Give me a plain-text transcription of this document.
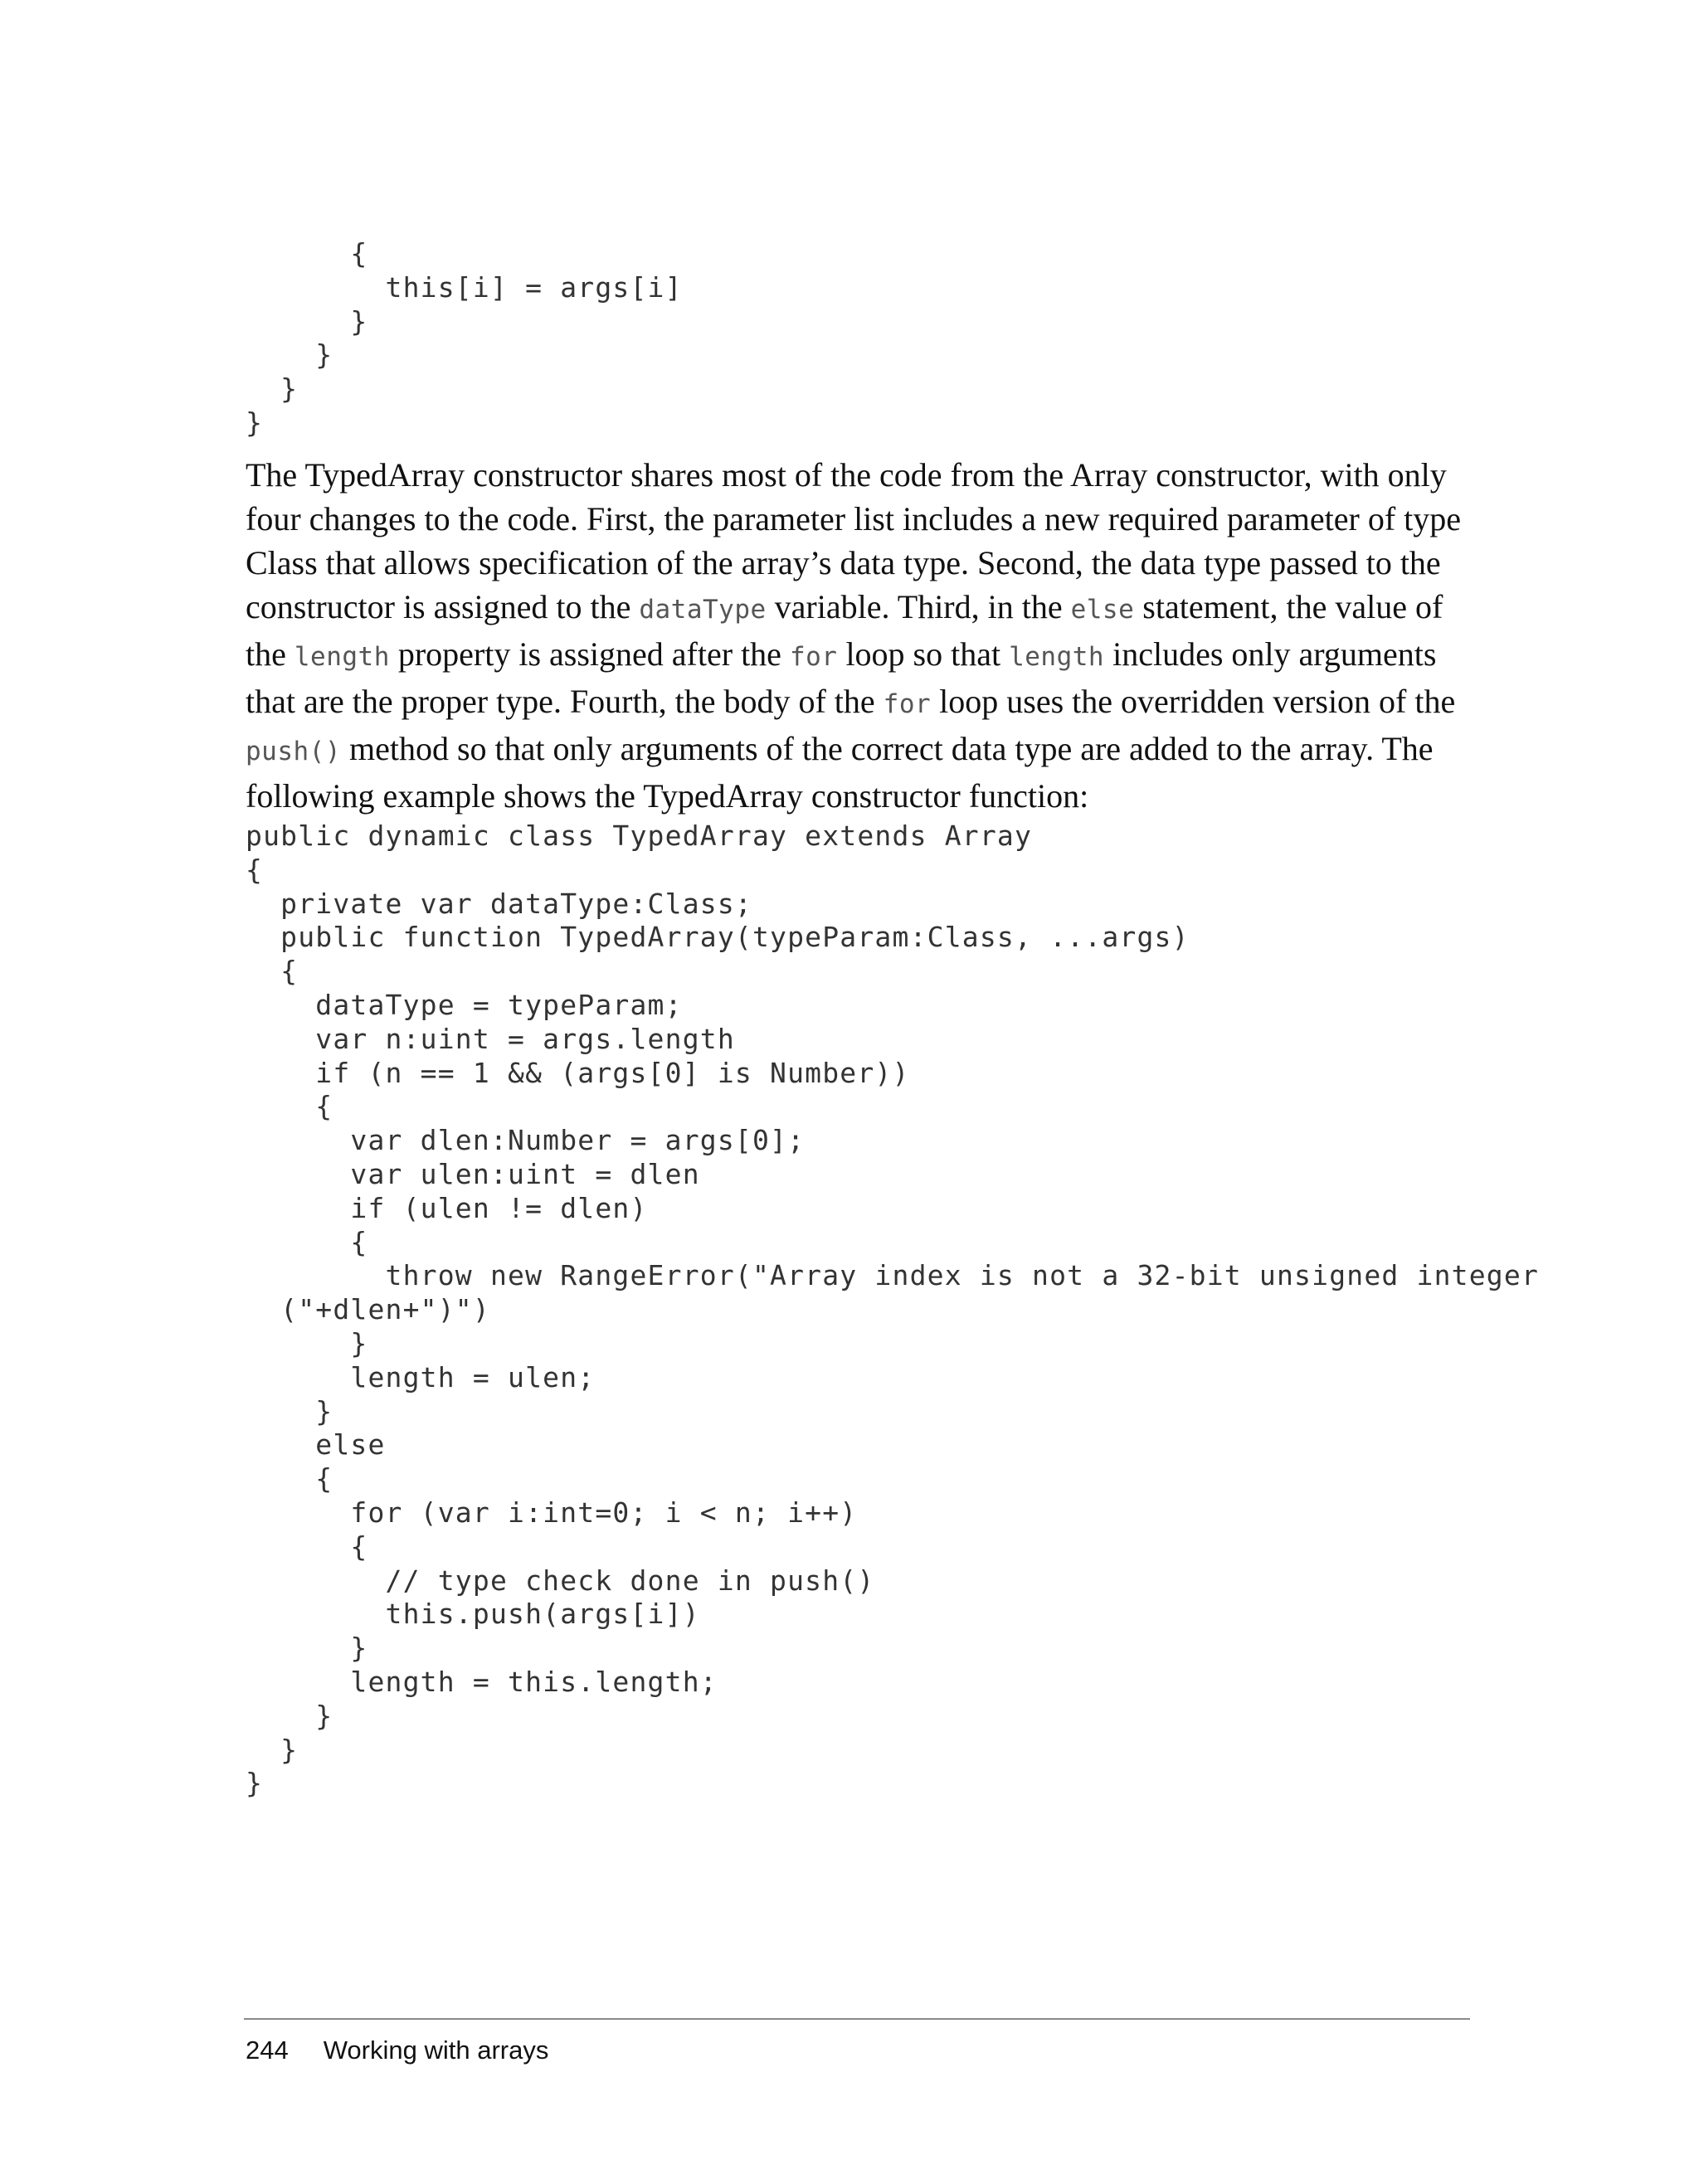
{
this[i] = args[i]
}
}
}
}

The TypedArray constructor shares most of the code from the Array constructor, with only four changes to the code. First, the parameter list includes a new required parameter of type Class that allows specification of the array’s data type. Second, the data type passed to the constructor is assigned to the dataType variable. Third, in the else statement, the value of the length property is assigned after the for loop so that length includes only arguments that are the proper type. Fourth, the body of the for loop uses the overridden version of the push() method so that only arguments of the correct data type are added to the array. The following example shows the TypedArray constructor function:

public dynamic class TypedArray extends Array
{
private var dataType:Class;
public function TypedArray(typeParam:Class, ...args)
{
dataType = typeParam;
var n:uint = args.length
if (n == 1 && (args[0] is Number))
{
var dlen:Number = args[0];
var ulen:uint = dlen
if (ulen != dlen)
{
throw new RangeError("Array index is not a 32-bit unsigned integer
("+dlen+")")
}
length = ulen;
}
else
{
for (var i:int=0; i < n; i++)
{
// type check done in push()
this.push(args[i])
}
length = this.length;
}
}
}
244 Working with arrays
